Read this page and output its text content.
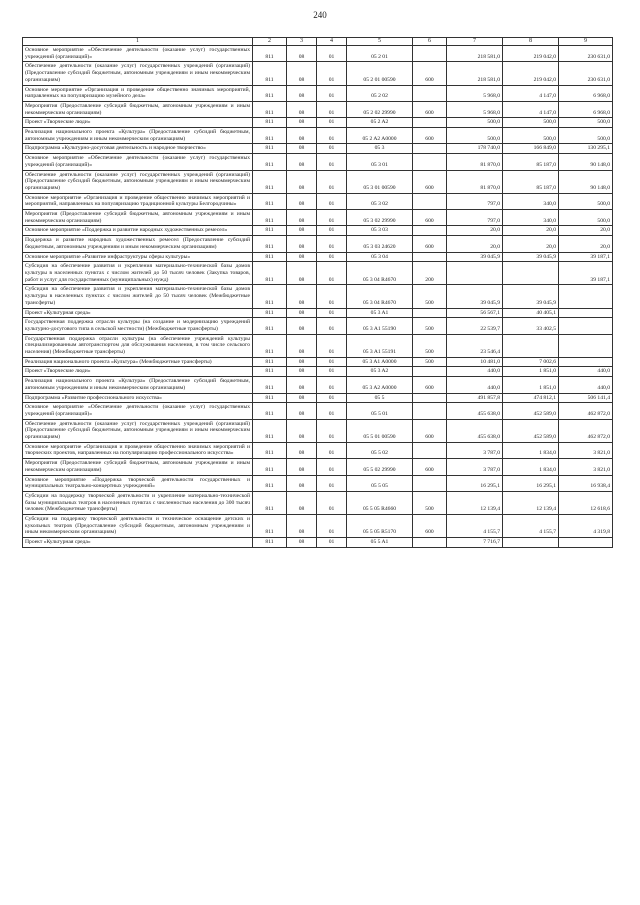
240
1	2	3	4	5	6	7	8	9
Основное мероприятие «Обеспечение деятельности (оказание услуг) государственных учреждений (организаций)»	811	08	01	05 2 01		218 581,0	219 042,0	230 631,0
Обеспечение деятельности (оказание услуг) государственных учреждений (организаций) (Предоставление субсидий бюджетным, автономным учреждениям и иным некоммерческим организациям)	811	08	01	05 2 01 00590	600	218 581,0	219 042,0	230 631,0
Основное мероприятие «Организация и проведение общественно значимых мероприятий, направленных на популяризацию музейного дела»	811	08	01	05 2 02		5 968,0	4 147,0	6 968,0
Мероприятия (Предоставление субсидий бюджетным, автономным учреждениям и иным некоммерческим организациям)	811	08	01	05 2 02 29990	600	5 968,0	4 147,0	6 968,0
Проект «Творческие люди»	811	08	01	05 2 A2		500,0	500,0	500,0
Реализация национального проекта «Культура» (Предоставление субсидий бюджетным, автономным учреждениям и иным некоммерческим организациям)	811	08	01	05 2 A2 A0000	600	500,0	500,0	500,0
Подпрограмма «Культурно-досуговая деятельность и народное творчество»	811	08	01	05 3		178 740,0	166 849,0	130 295,1
Основное мероприятие «Обеспечение деятельности (оказание услуг) государственных учреждений (организаций)»	811	08	01	05 3 01		81 870,0	85 187,0	90 148,0
Обеспечение деятельности (оказание услуг) государственных учреждений (организаций) (Предоставление субсидий бюджетным, автономным учреждениям и иным некоммерческим организациям)	811	08	01	05 3 01 00590	600	81 870,0	85 187,0	90 148,0
Основное мероприятие «Организация и проведение общественно значимых мероприятий и мероприятий, направленных на популяризацию традиционной культуры Белгородчины»	811	08	01	05 3 02		797,0	340,0	500,0
Мероприятия (Предоставление субсидий бюджетным, автономным учреждениям и иным некоммерческим организациям)	811	08	01	05 3 02 29990	600	797,0	340,0	500,0
Основное мероприятие «Поддержка и развитие народных художественных ремесел»	811	08	01	05 3 03		20,0	20,0	20,0
Поддержка и развитие народных художественных ремесел (Предоставление субсидий бюджетным, автономным учреждениям и иным некоммерческим организациям)	811	08	01	05 3 03 24620	600	20,0	20,0	20,0
Основное мероприятие «Развитие инфраструктуры сферы культуры»	811	08	01	05 3 04		39 045,9	39 045,9	39 187,1
Субсидия на обеспечение развития и укрепления материально-технической базы домов культуры в населенных пунктах с числом жителей до 50 тысяч человек (Закупка товаров, работ и услуг для государственных (муниципальных) нужд)	811	08	01	05 3 04 R4670	200			39 187,1
Субсидия на обеспечение развития и укрепления материально-технической базы домов культуры в населенных пунктах с числом жителей до 50 тысяч человек (Межбюджетные трансферты)	811	08	01	05 3 04 R4670	500	39 045,9	39 045,9	
Проект «Культурная среда»	811	08	01	05 3 A1		56 567,1	40 405,1	
Государственная поддержка отрасли культуры (на создание и модернизацию учреждений культурно-досугового типа в сельской местности) (Межбюджетные трансферты)	811	08	01	05 3 A1 55190	500	22 539,7	33 402,5	
Государственная поддержка отрасли культуры (на обеспечение учреждений культуры специализированным автотранспортом для обслуживания населения, в том числе сельского населения) (Межбюджетные трансферты)	811	08	01	05 3 A1 55191	500	23 546,4		
Реализация национального проекта «Культура» (Межбюджетные трансферты)	811	08	01	05 3 A1 A0000	500	10 481,0	7 002,6	
Проект «Творческие люди»	811	08	01	05 3 A2		440,0	1 851,0	440,0
Реализация национального проекта «Культура» (Предоставление субсидий бюджетным, автономным учреждениям и иным некоммерческим организациям)	811	08	01	05 3 A2 A0000	600	440,0	1 851,0	440,0
Подпрограмма «Развитие профессионального искусства»	811	08	01	05 5		491 857,8	474 812,1	506 141,4
Основное мероприятие «Обеспечение деятельности (оказание услуг) государственных учреждений (организаций)»	811	08	01	05 5 01		455 638,0	452 589,0	462 872,0
Обеспечение деятельности (оказание услуг) государственных учреждений (организаций) (Предоставление субсидий бюджетным, автономным учреждениям и иным некоммерческим организациям)	811	08	01	05 5 01 00590	600	455 638,0	452 589,0	462 872,0
Основное мероприятие «Организация и проведение общественно значимых мероприятий и творческих проектов, направленных на популяризацию профессионального искусства»	811	08	01	05 5 02		3 787,0	1 834,0	3 821,0
Мероприятия (Предоставление субсидий бюджетным, автономным учреждениям и иным некоммерческим организациям)	811	08	01	05 5 02 29990	600	3 787,0	1 834,0	3 821,0
Основное мероприятие «Поддержка творческой деятельности государственных и муниципальных театрально-концертных учреждений»	811	08	01	05 5 05		16 295,1	16 295,1	16 938,4
Субсидии на поддержку творческой деятельности и укрепление материально-технической базы муниципальных театров в населенных пунктах с численностью населения до 300 тысяч человек (Межбюджетные трансферты)	811	08	01	05 5 05 R4660	500	12 139,4	12 139,4	12 618,6
Субсидии на поддержку творческой деятельности и техническое оснащение детских и кукольных театров (Предоставление субсидий бюджетным, автономным учреждениям и иным некоммерческим организациям)	811	08	01	05 5 05 R5170	600	4 155,7	4 155,7	4 319,8
Проект «Культурная среда»	811	08	01	05 5 A1		7 716,7		
